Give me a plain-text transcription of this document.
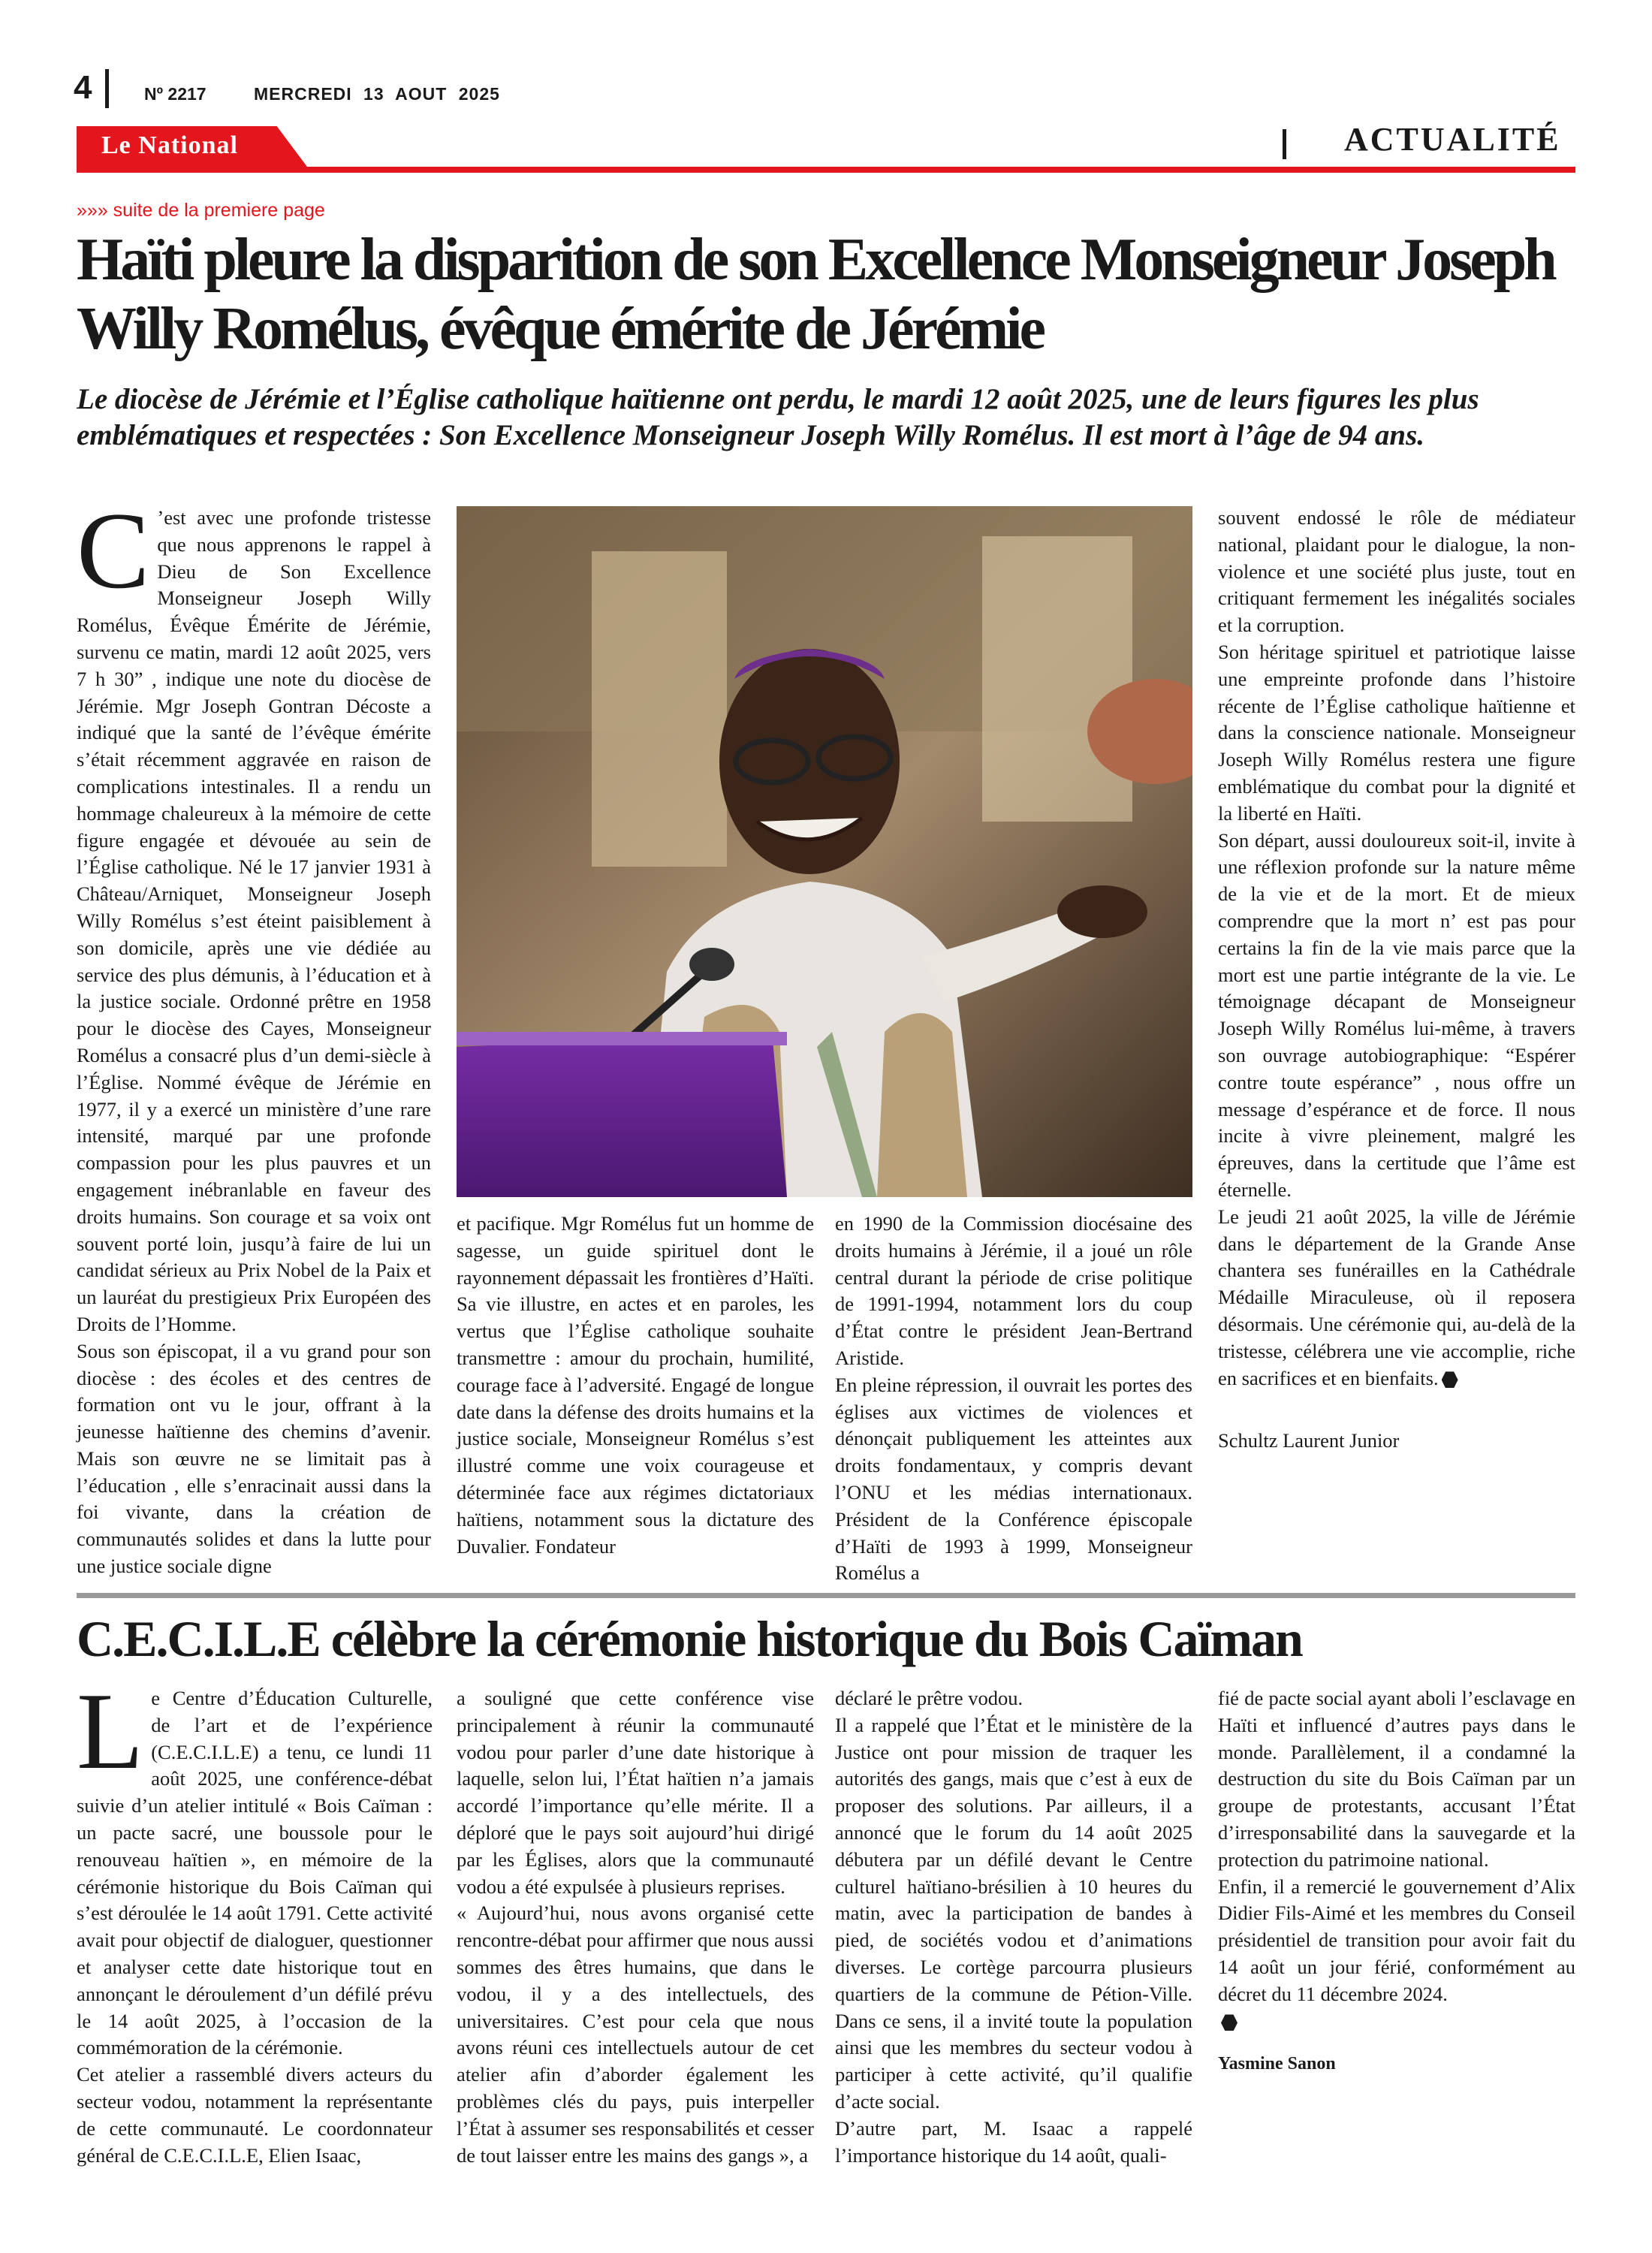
4	Nº 2217	MERCREDI 13 AOUT 2025
Le National	ACTUALITÉ
»»» suite de la premiere page
Haïti pleure la disparition de son Excellence Monseigneur Joseph Willy Romélus, évêque émérite de Jérémie
Le diocèse de Jérémie et l’Église catholique haïtienne ont perdu, le mardi 12 août 2025, une de leurs figures les plus emblématiques et respectées : Son Excellence Monseigneur Joseph Willy Romélus. Il est mort à l’âge de 94 ans.
C ’est avec une profonde tristesse que nous apprenons le rappel à Dieu de Son Excellence Monseigneur Joseph Willy Romélus, Évêque Émérite de Jérémie, survenu ce matin, mardi 12 août 2025, vers 7 h 30” , indique une note du diocèse de Jérémie. Mgr Joseph Gontran Décoste a indiqué que la santé de l’évêque émérite s’était récemment aggravée en raison de complications intestinales. Il a rendu un hommage chaleureux à la mémoire de cette figure engagée et dévouée au sein de l’Église catholique. Né le 17 janvier 1931 à Château/Arniquet, Monseigneur Joseph Willy Romélus s’est éteint paisiblement à son domicile, après une vie dédiée au service des plus démunis, à l’éducation et à la justice sociale. Ordonné prêtre en 1958 pour le diocèse des Cayes, Monseigneur Romélus a consacré plus d’un demi-siècle à l’Église. Nommé évêque de Jérémie en 1977, il y a exercé un ministère d’une rare intensité, marqué par une profonde compassion pour les plus pauvres et un engagement inébranlable en faveur des droits humains. Son courage et sa voix ont souvent porté loin, jusqu’à faire de lui un candidat sérieux au Prix Nobel de la Paix et un lauréat du prestigieux Prix Européen des Droits de l’Homme.

Sous son épiscopat, il a vu grand pour son diocèse : des écoles et des centres de formation ont vu le jour, offrant à la jeunesse haïtienne des chemins d’avenir. Mais son œuvre ne se limitait pas à l’éducation , elle s’enracinait aussi dans la foi vivante, dans la création de communautés solides et dans la lutte pour une justice sociale digne

et pacifique. Mgr Romélus fut un homme de sagesse, un guide spirituel dont le rayonnement dépassait les frontières d’Haïti. Sa vie illustre, en actes et en paroles, les vertus que l’Église catholique souhaite transmettre : amour du prochain, humilité, courage face à l’adversité. Engagé de longue date dans la défense des droits humains et la justice sociale, Monseigneur Romélus s’est illustré comme une voix courageuse et déterminée face aux régimes dictatoriaux haïtiens, notamment sous la dictature des Duvalier. Fondateur

en 1990 de la Commission diocésaine des droits humains à Jérémie, il a joué un rôle central durant la période de crise politique de 1991-1994, notamment lors du coup d’État contre le président Jean-Bertrand Aristide.

En pleine répression, il ouvrait les portes des églises aux victimes de violences et dénonçait publiquement les atteintes aux droits fondamentaux, y compris devant l’ONU et les médias internationaux. Président de la Conférence épiscopale d’Haïti de 1993 à 1999, Monseigneur Romélus a

souvent endossé le rôle de médiateur national, plaidant pour le dialogue, la non-violence et une société plus juste, tout en critiquant fermement les inégalités sociales et la corruption.

Son héritage spirituel et patriotique laisse une empreinte profonde dans l’histoire récente de l’Église catholique haïtienne et dans la conscience nationale. Monseigneur Joseph Willy Romélus restera une figure emblématique du combat pour la dignité et la liberté en Haïti.

Son départ, aussi douloureux soit-il, invite à une réflexion profonde sur la nature même de la vie et de la mort. Et de mieux comprendre que la mort n’ est pas pour certains la fin de la vie mais parce que la mort est une partie intégrante de la vie. Le témoignage décapant de Monseigneur Joseph Willy Romélus lui-même, à travers son ouvrage autobiographique: “Espérer contre toute espérance” , nous offre un message d’espérance et de force. Il nous incite à vivre pleinement, malgré les épreuves, dans la certitude que l’âme est éternelle.

Le jeudi 21 août 2025, la ville de Jérémie dans le département de la Grande Anse chantera ses funérailles en la Cathédrale Médaille Miraculeuse, où il reposera désormais. Une cérémonie qui, au-delà de la tristesse, célébrera une vie accomplie, riche en sacrifices et en bienfaits.

Schultz Laurent Junior

C.E.C.I.L.E célèbre la cérémonie historique du Bois Caïman
L e Centre d’Éducation Culturelle, de l’art et de l’expérience (C.E.C.I.L.E) a tenu, ce lundi 11 août 2025, une conférence-débat suivie d’un atelier intitulé « Bois Caïman : un pacte sacré, une boussole pour le renouveau haïtien », en mémoire de la cérémonie historique du Bois Caïman qui s’est déroulée le 14 août 1791. Cette activité avait pour objectif de dialoguer, questionner et analyser cette date historique tout en annonçant le déroulement d’un défilé prévu le 14 août 2025, à l’occasion de la commémoration de la cérémonie.

Cet atelier a rassemblé divers acteurs du secteur vodou, notamment la représentante de cette communauté. Le coordonnateur général de C.E.C.I.L.E, Elien Isaac,

a souligné que cette conférence vise principalement à réunir la communauté vodou pour parler d’une date historique à laquelle, selon lui, l’État haïtien n’a jamais accordé l’importance qu’elle mérite. Il a déploré que le pays soit aujourd’hui dirigé par les Églises, alors que la communauté vodou a été expulsée à plusieurs reprises.

« Aujourd’hui, nous avons organisé cette rencontre-débat pour affirmer que nous aussi sommes des êtres humains, que dans le vodou, il y a des intellectuels, des universitaires. C’est pour cela que nous avons réuni ces intellectuels autour de cet atelier afin d’aborder également les problèmes clés du pays, puis interpeller l’État à assumer ses responsabilités et cesser de tout laisser entre les mains des gangs », a

déclaré le prêtre vodou.

Il a rappelé que l’État et le ministère de la Justice ont pour mission de traquer les autorités des gangs, mais que c’est à eux de proposer des solutions. Par ailleurs, il a annoncé que le forum du 14 août 2025 débutera par un défilé devant le Centre culturel haïtiano-brésilien à 10 heures du matin, avec la participation de bandes à pied, de sociétés vodou et d’animations diverses. Le cortège parcourra plusieurs quartiers de la commune de Pétion-Ville. Dans ce sens, il a invité toute la population ainsi que les membres du secteur vodou à participer à cette activité, qu’il qualifie d’acte social.

D’autre part, M. Isaac a rappelé l’importance historique du 14 août, quali-

fié de pacte social ayant aboli l’esclavage en Haïti et influencé d’autres pays dans le monde. Parallèlement, il a condamné la destruction du site du Bois Caïman par un groupe de protestants, accusant l’État d’irresponsabilité dans la sauvegarde et la protection du patrimoine national.

Enfin, il a remercié le gouvernement d’Alix Didier Fils-Aimé et les membres du Conseil présidentiel de transition pour avoir fait du 14 août un jour férié, conformément au décret du 11 décembre 2024.

Yasmine Sanon
